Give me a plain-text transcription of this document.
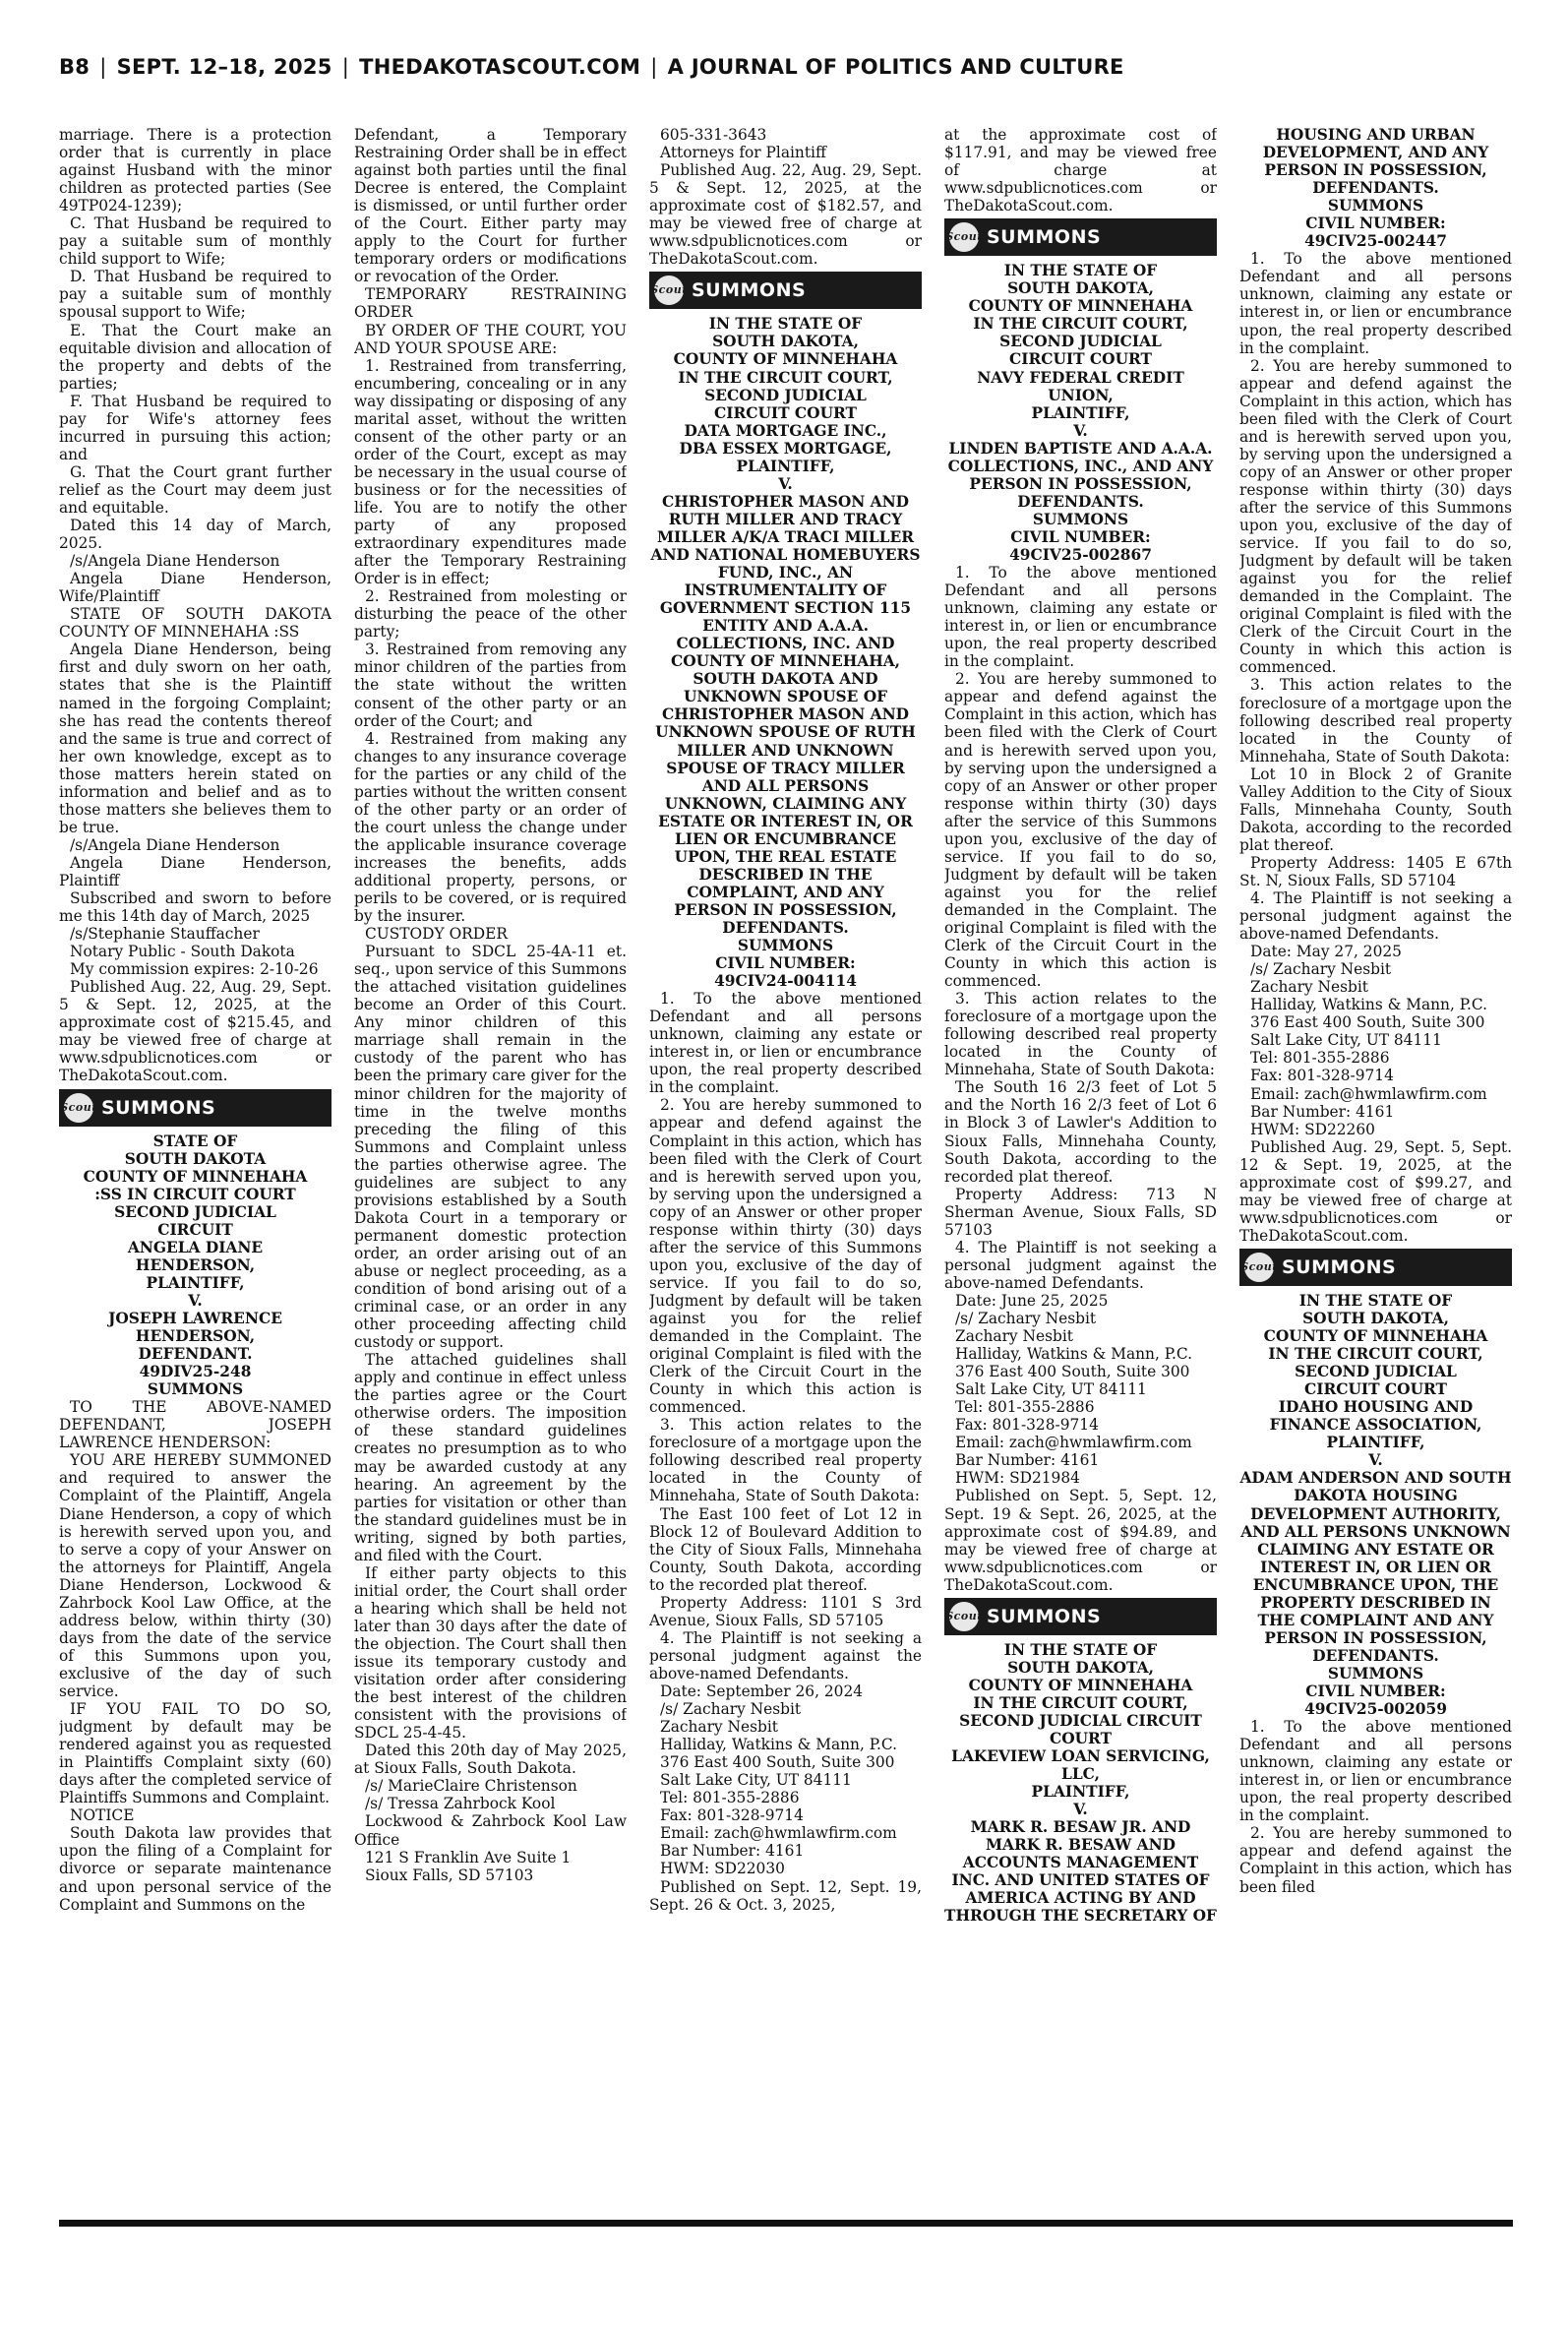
B8 | SEPT. 12–18, 2025 | THEDAKOTASCOUT.COM | A JOURNAL OF POLITICS AND CULTURE

marriage. There is a protection order that is currently in place against Husband with the minor children as protected parties (See 49TP024-1239);

C. That Husband be required to pay a suitable sum of monthly child support to Wife;

D. That Husband be required to pay a suitable sum of monthly spousal support to Wife;

E. That the Court make an equitable division and allocation of the property and debts of the parties;

F. That Husband be required to pay for Wife's attorney fees incurred in pursuing this action; and

G. That the Court grant further relief as the Court may deem just and equitable.

Dated this 14 day of March, 2025.

/s/Angela Diane Henderson

Angela Diane Henderson, Wife/Plaintiff

STATE OF SOUTH DAKOTA COUNTY OF MINNEHAHA :SS

Angela Diane Henderson, being first and duly sworn on her oath, states that she is the Plaintiff named in the forgoing Complaint; she has read the contents thereof and the same is true and correct of her own knowledge, except as to those matters herein stated on information and belief and as to those matters she believes them to be true.

/s/Angela Diane Henderson

Angela Diane Henderson, Plaintiff

Subscribed and sworn to before me this 14th day of March, 2025

/s/Stephanie Stauffacher

Notary Public - South Dakota

My commission expires: 2-10-26

Published Aug. 22, Aug. 29, Sept. 5 & Sept. 12, 2025, at the approximate cost of $215.45, and may be viewed free of charge at www.sdpublicnotices.com or TheDakotaScout.com.

Scout SUMMONS

STATE OF

SOUTH DAKOTA

COUNTY OF MINNEHAHA

:SS IN CIRCUIT COURT

SECOND JUDICIAL

CIRCUIT

ANGELA DIANE

HENDERSON,

PLAINTIFF,

V.

JOSEPH LAWRENCE

HENDERSON,

DEFENDANT.

49DIV25-248

SUMMONS

TO THE ABOVE-NAMED DEFENDANT, JOSEPH LAWRENCE HENDERSON:

YOU ARE HEREBY SUMMONED and required to answer the Complaint of the Plaintiff, Angela Diane Henderson, a copy of which is herewith served upon you, and to serve a copy of your Answer on the attorneys for Plaintiff, Angela Diane Henderson, Lockwood & Zahrbock Kool Law Office, at the address below, within thirty (30) days from the date of the service of this Summons upon you, exclusive of the day of such service.

IF YOU FAIL TO DO SO, judgment by default may be rendered against you as requested in Plaintiffs Complaint sixty (60) days after the completed service of Plaintiffs Summons and Complaint.

NOTICE

South Dakota law provides that upon the filing of a Complaint for divorce or separate maintenance and upon personal service of the Complaint and Summons on the

Defendant, a Temporary Restraining Order shall be in effect against both parties until the final Decree is entered, the Complaint is dismissed, or until further order of the Court. Either party may apply to the Court for further temporary orders or modifications or revocation of the Order.

TEMPORARY RESTRAINING ORDER

BY ORDER OF THE COURT, YOU AND YOUR SPOUSE ARE:

1. Restrained from transferring, encumbering, concealing or in any way dissipating or disposing of any marital asset, without the written consent of the other party or an order of the Court, except as may be necessary in the usual course of business or for the necessities of life. You are to notify the other party of any proposed extraordinary expenditures made after the Temporary Restraining Order is in effect;

2. Restrained from molesting or disturbing the peace of the other party;

3. Restrained from removing any minor children of the parties from the state without the written consent of the other party or an order of the Court; and

4. Restrained from making any changes to any insurance coverage for the parties or any child of the parties without the written consent of the other party or an order of the court unless the change under the applicable insurance coverage increases the benefits, adds additional property, persons, or perils to be covered, or is required by the insurer.

CUSTODY ORDER

Pursuant to SDCL 25-4A-11 et. seq., upon service of this Summons the attached visitation guidelines become an Order of this Court. Any minor children of this marriage shall remain in the custody of the parent who has been the primary care giver for the minor children for the majority of time in the twelve months preceding the filing of this Summons and Complaint unless the parties otherwise agree. The guidelines are subject to any provisions established by a South Dakota Court in a temporary or permanent domestic protection order, an order arising out of an abuse or neglect proceeding, as a condition of bond arising out of a criminal case, or an order in any other proceeding affecting child custody or support.

The attached guidelines shall apply and continue in effect unless the parties agree or the Court otherwise orders. The imposition of these standard guidelines creates no presumption as to who may be awarded custody at any hearing. An agreement by the parties for visitation or other than the standard guidelines must be in writing, signed by both parties, and filed with the Court.

If either party objects to this initial order, the Court shall order a hearing which shall be held not later than 30 days after the date of the objection. The Court shall then issue its temporary custody and visitation order after considering the best interest of the children consistent with the provisions of SDCL 25-4-45.

Dated this 20th day of May 2025, at Sioux Falls, South Dakota.

/s/ MarieClaire Christenson

/s/ Tressa Zahrbock Kool

Lockwood & Zahrbock Kool Law Office

121 S Franklin Ave Suite 1

Sioux Falls, SD 57103

605-331-3643

Attorneys for Plaintiff

Published Aug. 22, Aug. 29, Sept. 5 & Sept. 12, 2025, at the approximate cost of $182.57, and may be viewed free of charge at www.sdpublicnotices.com or TheDakotaScout.com.

Scout SUMMONS

IN THE STATE OF

SOUTH DAKOTA,

COUNTY OF MINNEHAHA

IN THE CIRCUIT COURT,

SECOND JUDICIAL

CIRCUIT COURT

DATA MORTGAGE INC.,

DBA ESSEX MORTGAGE,

PLAINTIFF,

V.

CHRISTOPHER MASON AND RUTH MILLER AND TRACY MILLER A/K/A TRACI MILLER AND NATIONAL HOMEBUYERS FUND, INC., AN INSTRUMENTALITY OF GOVERNMENT SECTION 115 ENTITY AND A.A.A. COLLECTIONS, INC. AND COUNTY OF MINNEHAHA, SOUTH DAKOTA AND UNKNOWN SPOUSE OF CHRISTOPHER MASON AND UNKNOWN SPOUSE OF RUTH MILLER AND UNKNOWN SPOUSE OF TRACY MILLER AND ALL PERSONS UNKNOWN, CLAIMING ANY ESTATE OR INTEREST IN, OR LIEN OR ENCUMBRANCE UPON, THE REAL ESTATE DESCRIBED IN THE COMPLAINT, AND ANY PERSON IN POSSESSION,

DEFENDANTS.

SUMMONS

CIVIL NUMBER:

49CIV24-004114

1. To the above mentioned Defendant and all persons unknown, claiming any estate or interest in, or lien or encumbrance upon, the real property described in the complaint.

2. You are hereby summoned to appear and defend against the Complaint in this action, which has been filed with the Clerk of Court and is herewith served upon you, by serving upon the undersigned a copy of an Answer or other proper response within thirty (30) days after the service of this Summons upon you, exclusive of the day of service. If you fail to do so, Judgment by default will be taken against you for the relief demanded in the Complaint. The original Complaint is filed with the Clerk of the Circuit Court in the County in which this action is commenced.

3. This action relates to the foreclosure of a mortgage upon the following described real property located in the County of Minnehaha, State of South Dakota:

The East 100 feet of Lot 12 in Block 12 of Boulevard Addition to the City of Sioux Falls, Minnehaha County, South Dakota, according to the recorded plat thereof.

Property Address: 1101 S 3rd Avenue, Sioux Falls, SD 57105

4. The Plaintiff is not seeking a personal judgment against the above-named Defendants.

Date: September 26, 2024

/s/ Zachary Nesbit

Zachary Nesbit

Halliday, Watkins & Mann, P.C.

376 East 400 South, Suite 300

Salt Lake City, UT 84111

Tel: 801-355-2886

Fax: 801-328-9714

Email: zach@hwmlawfirm.com

Bar Number: 4161

HWM: SD22030

Published on Sept. 12, Sept. 19, Sept. 26 & Oct. 3, 2025,

at the approximate cost of $117.91, and may be viewed free of charge at www.sdpublicnotices.com or TheDakotaScout.com.

Scout SUMMONS

IN THE STATE OF

SOUTH DAKOTA,

COUNTY OF MINNEHAHA

IN THE CIRCUIT COURT,

SECOND JUDICIAL

CIRCUIT COURT

NAVY FEDERAL CREDIT

UNION,

PLAINTIFF,

V.

LINDEN BAPTISTE AND A.A.A. COLLECTIONS, INC., AND ANY PERSON IN POSSESSION,

DEFENDANTS.

SUMMONS

CIVIL NUMBER:

49CIV25-002867

1. To the above mentioned Defendant and all persons unknown, claiming any estate or interest in, or lien or encumbrance upon, the real property described in the complaint.

2. You are hereby summoned to appear and defend against the Complaint in this action, which has been filed with the Clerk of Court and is herewith served upon you, by serving upon the undersigned a copy of an Answer or other proper response within thirty (30) days after the service of this Summons upon you, exclusive of the day of service. If you fail to do so, Judgment by default will be taken against you for the relief demanded in the Complaint. The original Complaint is filed with the Clerk of the Circuit Court in the County in which this action is commenced.

3. This action relates to the foreclosure of a mortgage upon the following described real property located in the County of Minnehaha, State of South Dakota:

The South 16 2/3 feet of Lot 5 and the North 16 2/3 feet of Lot 6 in Block 3 of Lawler's Addition to Sioux Falls, Minnehaha County, South Dakota, according to the recorded plat thereof.

Property Address: 713 N Sherman Avenue, Sioux Falls, SD 57103

4. The Plaintiff is not seeking a personal judgment against the above-named Defendants.

Date: June 25, 2025

/s/ Zachary Nesbit

Zachary Nesbit

Halliday, Watkins & Mann, P.C.

376 East 400 South, Suite 300

Salt Lake City, UT 84111

Tel: 801-355-2886

Fax: 801-328-9714

Email: zach@hwmlawfirm.com

Bar Number: 4161

HWM: SD21984

Published on Sept. 5, Sept. 12, Sept. 19 & Sept. 26, 2025, at the approximate cost of $94.89, and may be viewed free of charge at www.sdpublicnotices.com or TheDakotaScout.com.

Scout SUMMONS

IN THE STATE OF

SOUTH DAKOTA,

COUNTY OF MINNEHAHA

IN THE CIRCUIT COURT,

SECOND JUDICIAL CIRCUIT COURT

LAKEVIEW LOAN SERVICING, LLC,

PLAINTIFF,

V.

MARK R. BESAW JR. AND MARK R. BESAW AND ACCOUNTS MANAGEMENT INC. AND UNITED STATES OF AMERICA ACTING BY AND THROUGH THE SECRETARY OF

HOUSING AND URBAN DEVELOPMENT, AND ANY PERSON IN POSSESSION,

DEFENDANTS.

SUMMONS

CIVIL NUMBER:

49CIV25-002447

1. To the above mentioned Defendant and all persons unknown, claiming any estate or interest in, or lien or encumbrance upon, the real property described in the complaint.

2. You are hereby summoned to appear and defend against the Complaint in this action, which has been filed with the Clerk of Court and is herewith served upon you, by serving upon the undersigned a copy of an Answer or other proper response within thirty (30) days after the service of this Summons upon you, exclusive of the day of service. If you fail to do so, Judgment by default will be taken against you for the relief demanded in the Complaint. The original Complaint is filed with the Clerk of the Circuit Court in the County in which this action is commenced.

3. This action relates to the foreclosure of a mortgage upon the following described real property located in the County of Minnehaha, State of South Dakota:

Lot 10 in Block 2 of Granite Valley Addition to the City of Sioux Falls, Minnehaha County, South Dakota, according to the recorded plat thereof.

Property Address: 1405 E 67th St. N, Sioux Falls, SD 57104

4. The Plaintiff is not seeking a personal judgment against the above-named Defendants.

Date: May 27, 2025

/s/ Zachary Nesbit

Zachary Nesbit

Halliday, Watkins & Mann, P.C.

376 East 400 South, Suite 300

Salt Lake City, UT 84111

Tel: 801-355-2886

Fax: 801-328-9714

Email: zach@hwmlawfirm.com

Bar Number: 4161

HWM: SD22260

Published Aug. 29, Sept. 5, Sept. 12 & Sept. 19, 2025, at the approximate cost of $99.27, and may be viewed free of charge at www.sdpublicnotices.com or TheDakotaScout.com.

Scout SUMMONS

IN THE STATE OF

SOUTH DAKOTA,

COUNTY OF MINNEHAHA

IN THE CIRCUIT COURT,

SECOND JUDICIAL

CIRCUIT COURT

IDAHO HOUSING AND FINANCE ASSOCIATION,

PLAINTIFF,

V.

ADAM ANDERSON AND SOUTH DAKOTA HOUSING DEVELOPMENT AUTHORITY, AND ALL PERSONS UNKNOWN CLAIMING ANY ESTATE OR INTEREST IN, OR LIEN OR ENCUMBRANCE UPON, THE PROPERTY DESCRIBED IN THE COMPLAINT AND ANY PERSON IN POSSESSION,

DEFENDANTS.

SUMMONS

CIVIL NUMBER:

49CIV25-002059

1. To the above mentioned Defendant and all persons unknown, claiming any estate or interest in, or lien or encumbrance upon, the real property described in the complaint.

2. You are hereby summoned to appear and defend against the Complaint in this action, which has been filed
